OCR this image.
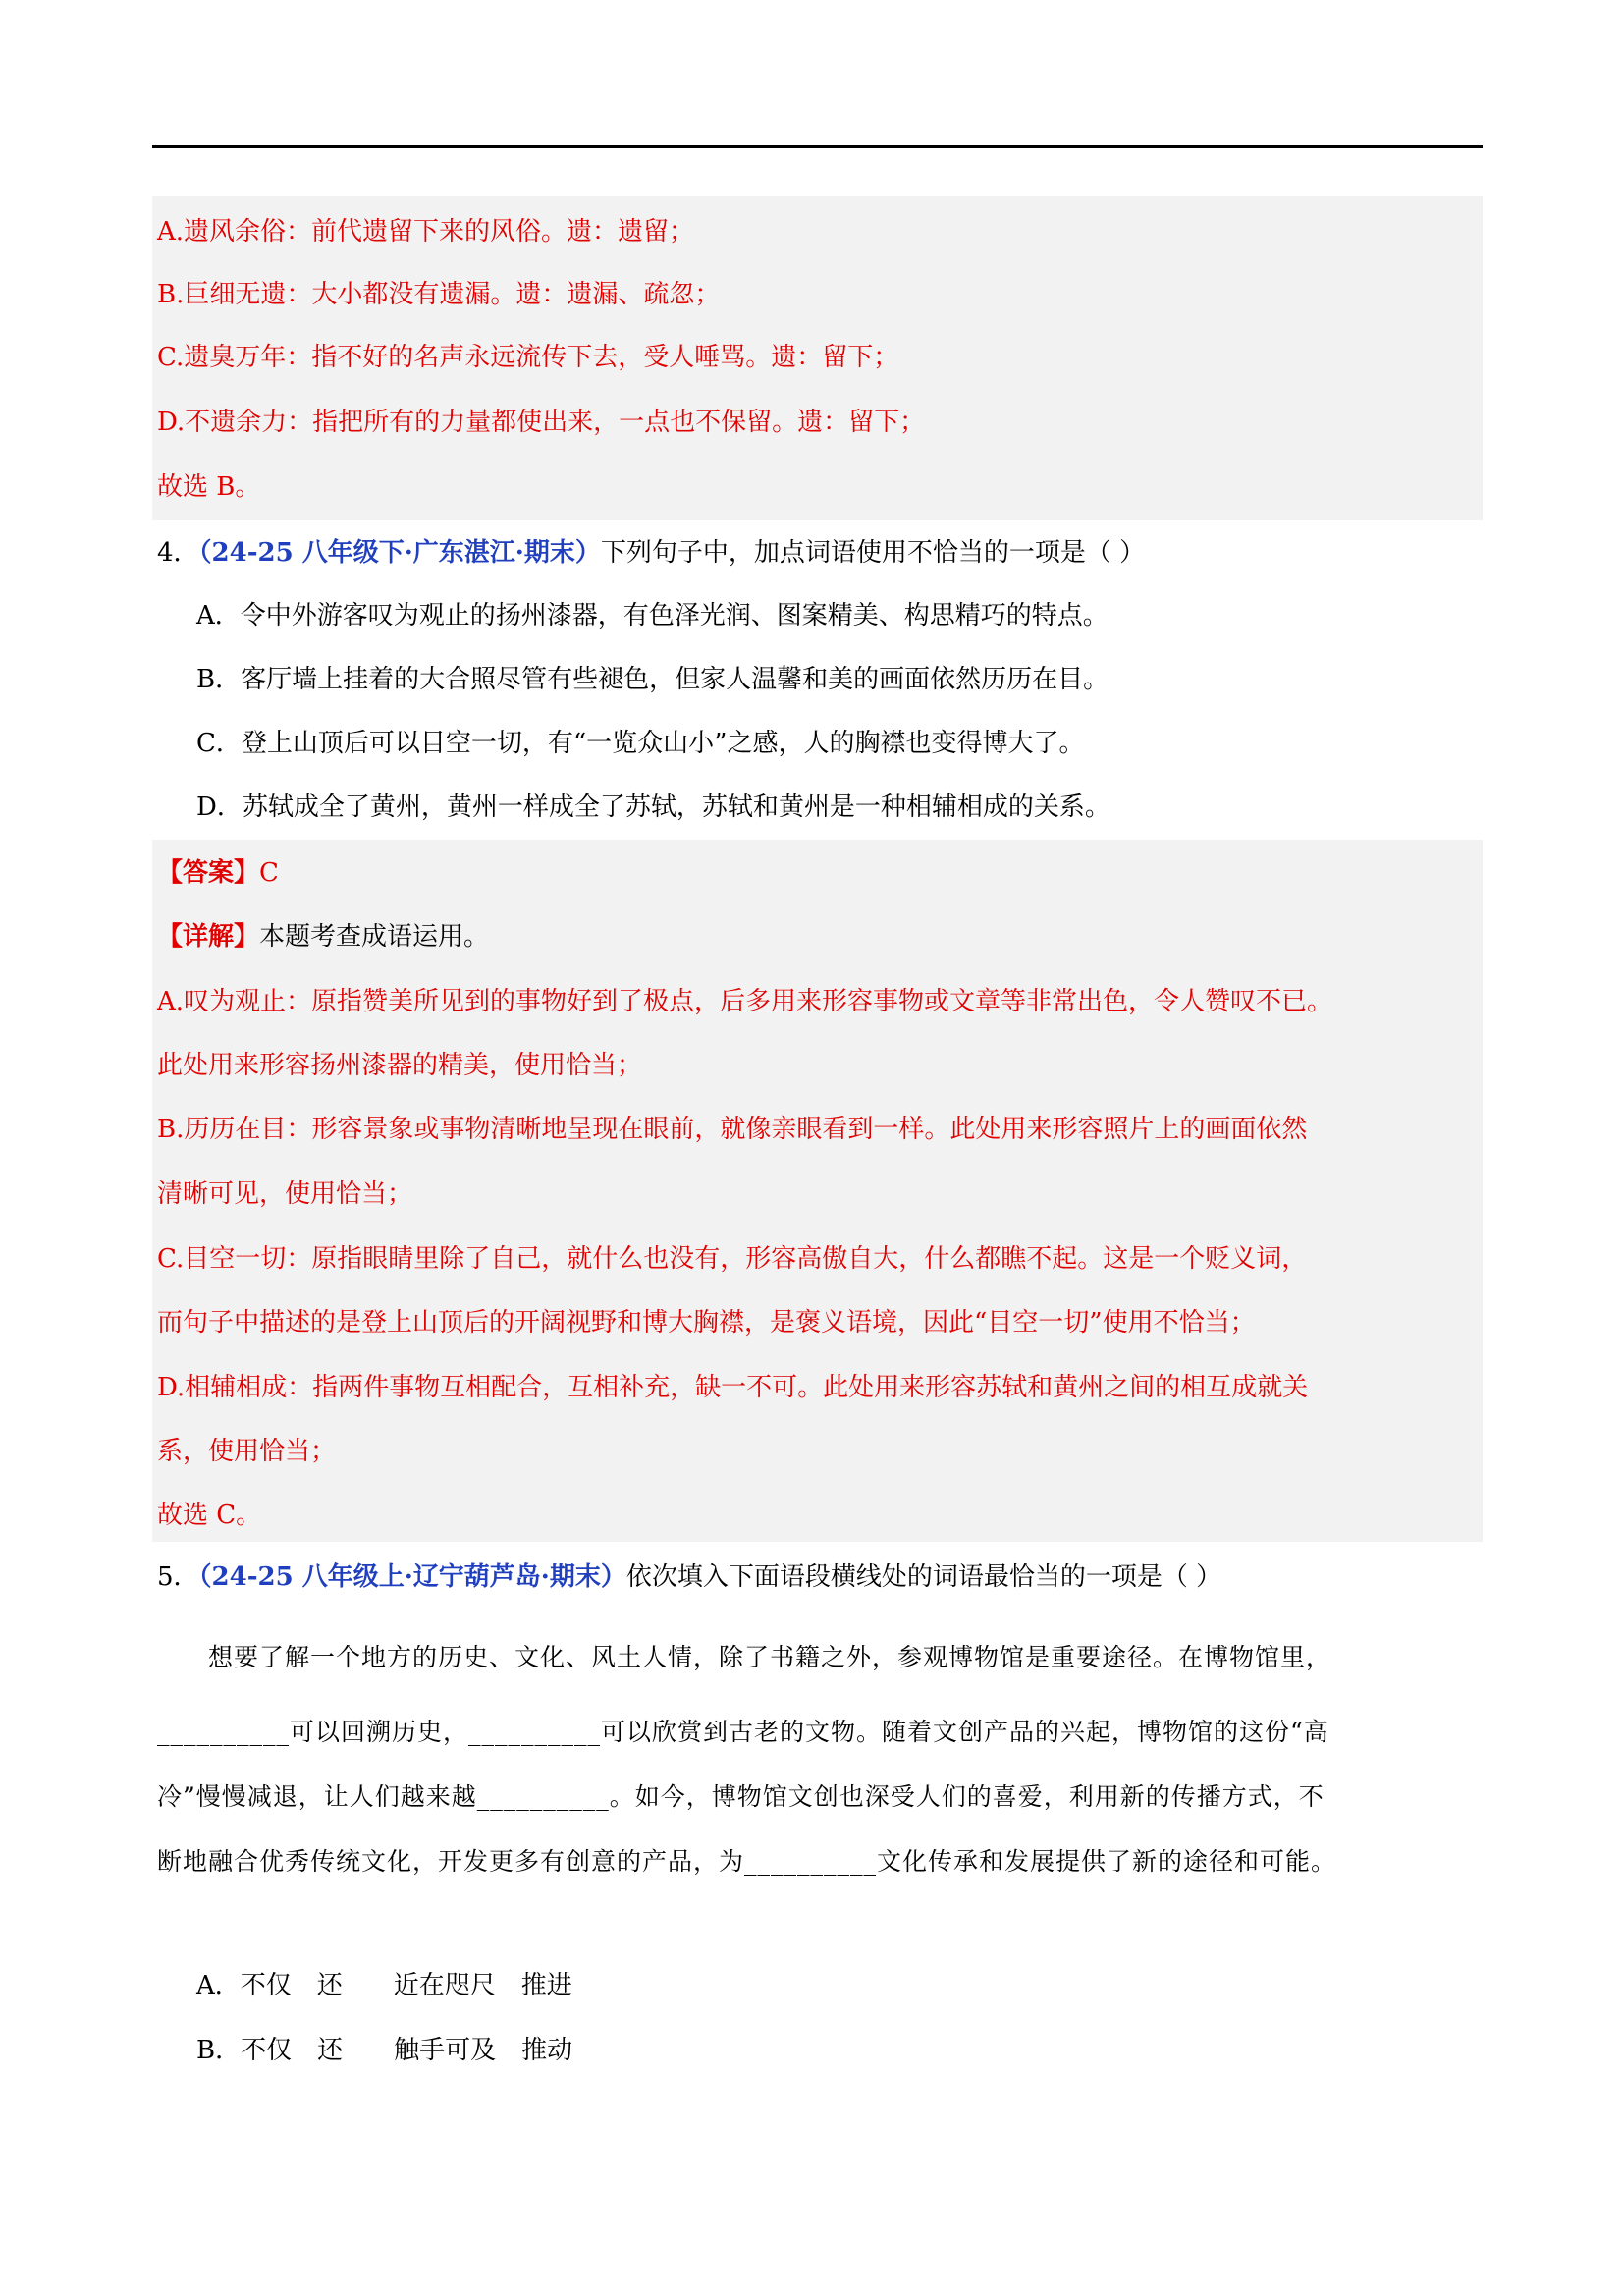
A.遗风余俗：前代遗留下来的风俗。遗：遗留；
B.巨细无遗：大小都没有遗漏。遗：遗漏、疏忽；
C.遗臭万年：指不好的名声永远流传下去，受人唾骂。遗：留下；
D.不遗余力：指把所有的力量都使出来，一点也不保留。遗：留下；
故选 B。
4．（24-25 八年级下·广东湛江·期末）下列句子中，加点词语使用不恰当的一项是（ ）
A．令中外游客叹为观止的扬州漆器，有色泽光润、图案精美、构思精巧的特点。
B．客厅墙上挂着的大合照尽管有些褪色，但家人温馨和美的画面依然历历在目。
C．登上山顶后可以目空一切，有“一览众山小”之感，人的胸襟也变得博大了。
D．苏轼成全了黄州，黄州一样成全了苏轼，苏轼和黄州是一种相辅相成的关系。
【答案】C
【详解】本题考查成语运用。
A.叹为观止：原指赞美所见到的事物好到了极点，后多用来形容事物或文章等非常出色，令人赞叹不已。
此处用来形容扬州漆器的精美，使用恰当；
B.历历在目：形容景象或事物清晰地呈现在眼前，就像亲眼看到一样。此处用来形容照片上的画面依然
清晰可见，使用恰当；
C.目空一切：原指眼睛里除了自己，就什么也没有，形容高傲自大，什么都瞧不起。这是一个贬义词，
而句子中描述的是登上山顶后的开阔视野和博大胸襟，是褒义语境，因此“目空一切”使用不恰当；
D.相辅相成：指两件事物互相配合，互相补充，缺一不可。此处用来形容苏轼和黄州之间的相互成就关
系，使用恰当；
故选 C。
5．（24-25 八年级上·辽宁葫芦岛·期末）依次填入下面语段横线处的词语最恰当的一项是（ ）
　　想要了解一个地方的历史、文化、风土人情，除了书籍之外，参观博物馆是重要途径。在博物馆里，
__________可以回溯历史，__________可以欣赏到古老的文物。随着文创产品的兴起，博物馆的这份“高
冷”慢慢减退，让人们越来越__________。如今，博物馆文创也深受人们的喜爱，利用新的传播方式，不
断地融合优秀传统文化，开发更多有创意的产品，为__________文化传承和发展提供了新的途径和可能。
A．不仅　还　　近在咫尺　推进
B．不仅　还　　触手可及　推动
